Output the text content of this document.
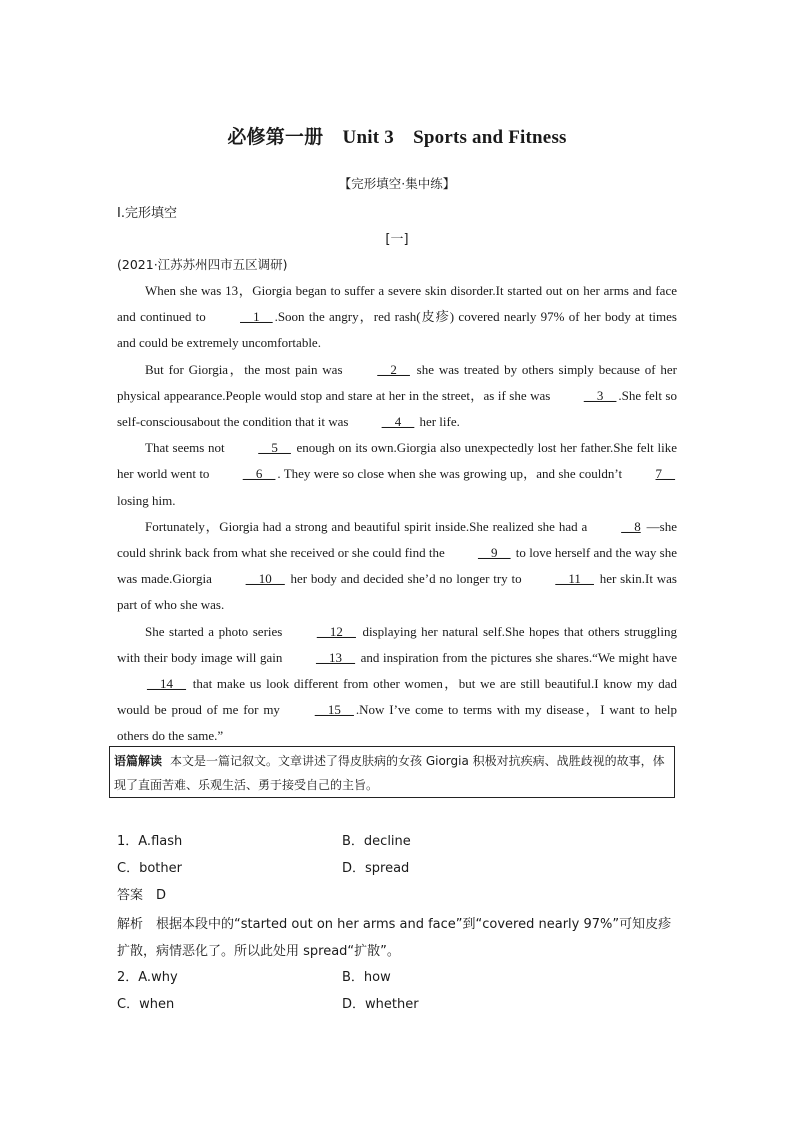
必修第一册　Unit 3　Sports and Fitness
【完形填空·集中练】
Ⅰ.完形填空
[一]
(2021·江苏苏州四市五区调研)

When she was 13，Giorgia began to suffer a severe skin disorder.It started out on her arms and face and continued to __1__ .Soon the angry，red rash(皮疹) covered nearly 97% of her body at times and could be extremely uncomfortable.

But for Giorgia，the most pain was __2__ she was treated by others simply because of her physical appearance.People would stop and stare at her in the street，as if she was __3__ .She felt so self-consciousabout the condition that it was __4__ her life.

That seems not __5__ enough on its own.Giorgia also unexpectedly lost her father.She felt like her world went to __6__ . They were so close when she was growing up，and she couldn’t 7__ losing him.

Fortunately，Giorgia had a strong and beautiful spirit inside.She realized she had a __8 —she could shrink back from what she received or she could find the __9__ to love herself and the way she was made.Giorgia __10__ her body and decided she’d no longer try to __11__ her skin.It was part of who she was.

She started a photo series __12__ displaying her natural self.She hopes that others struggling with their body image will gain __13__ and inspiration from the pictures she shares.“We might have__14__ that make us look different from other women，but we are still beautiful.I know my dad would be proud of me for my __15__ .Now I’ve come to terms with my disease，I want to help others do the same.”

语篇解读 本文是一篇记叙文。文章讲述了得皮肤病的女孩 Giorgia 积极对抗疾病、战胜歧视的故事，体现了直面苦难、乐观生活、勇于接受自己的主旨。
1．A.flash	B．decline
C．bother	D．spread
答案　D
解析　根据本段中的“started out on her arms and face”到“covered nearly 97%”可知皮疹扩散，病情恶化了。所以此处用 spread“扩散”。
2．A.why	B．how
C．when	D．whether
